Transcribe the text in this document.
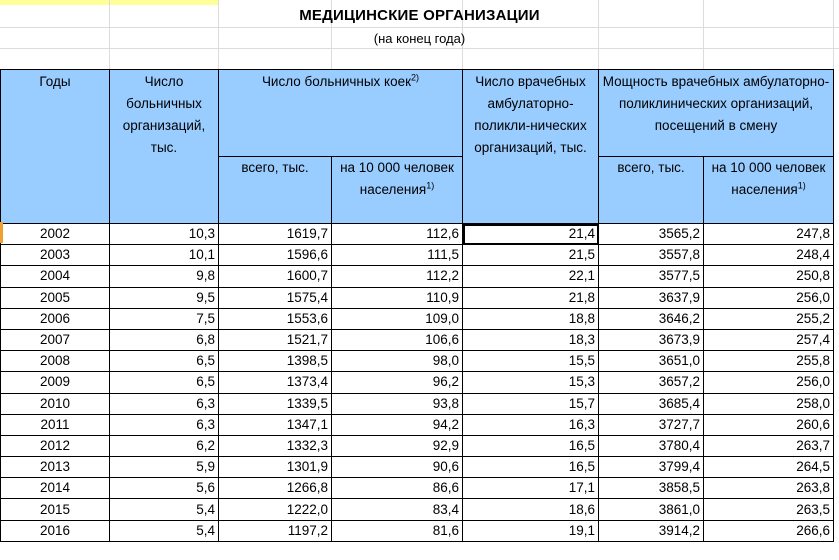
МЕДИЦИНСКИЕ ОРГАНИЗАЦИИ
(на конец года)
Годы	Число больничных организаций, тыс.	Число больничных коек$^{2)}$		Число врачебных амбулаторно-поликли-нических организаций, тыс.	Мощность врачебных амбулаторно-поликлинических организаций, посещений в смену	
		всего, тыс.	на 10 000 человек населения$^{1)}$		всего, тыс.	на 10 000 человек населения$^{1)}$
2002	10,3	1619,7	112,6	21,4	3565,2	247,8
2003	10,1	1596,6	111,5	21,5	3557,8	248,4
2004	9,8	1600,7	112,2	22,1	3577,5	250,8
2005	9,5	1575,4	110,9	21,8	3637,9	256,0
2006	7,5	1553,6	109,0	18,8	3646,2	255,2
2007	6,8	1521,7	106,6	18,3	3673,9	257,4
2008	6,5	1398,5	98,0	15,5	3651,0	255,8
2009	6,5	1373,4	96,2	15,3	3657,2	256,0
2010	6,3	1339,5	93,8	15,7	3685,4	258,0
2011	6,3	1347,1	94,2	16,3	3727,7	260,6
2012	6,2	1332,3	92,9	16,5	3780,4	263,7
2013	5,9	1301,9	90,6	16,5	3799,4	264,5
2014	5,6	1266,8	86,6	17,1	3858,5	263,8
2015	5,4	1222,0	83,4	18,6	3861,0	263,5
2016	5,4	1197,2	81,6	19,1	3914,2	266,6
